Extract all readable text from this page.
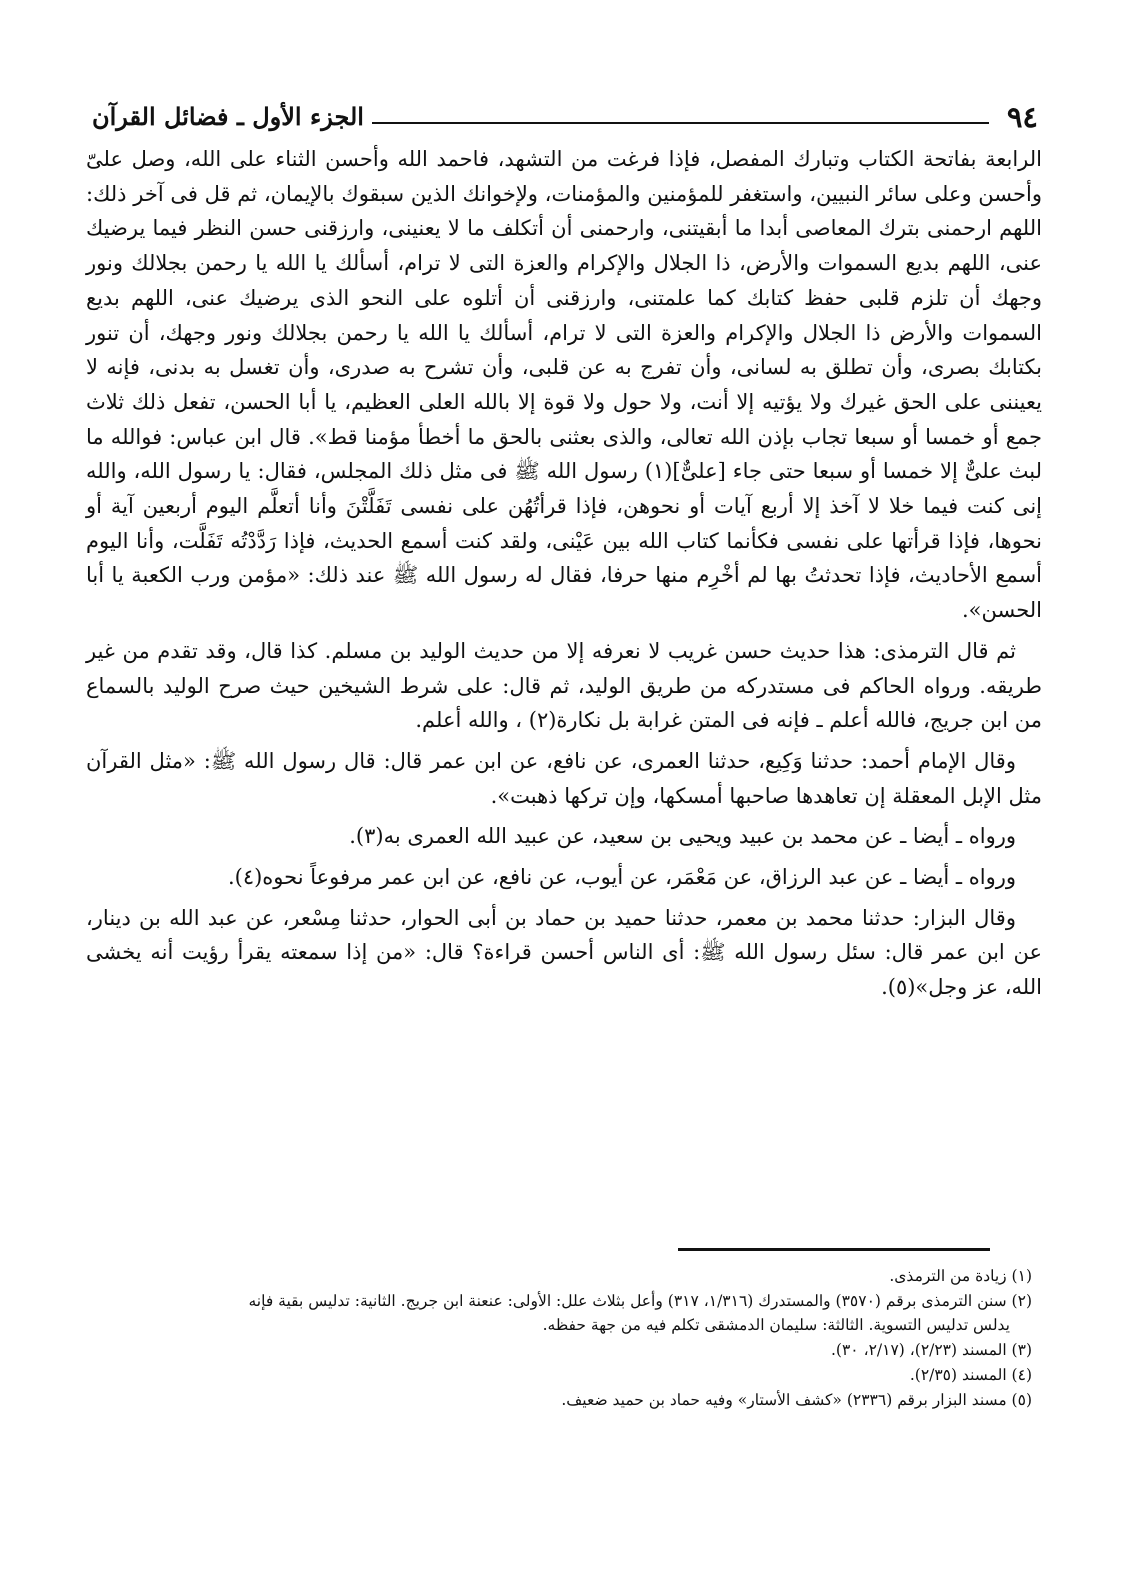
٩٤
الجزء الأول ـ فضائل القرآن

الرابعة بفاتحة الكتاب وتبارك المفصل، فإذا فرغت من التشهد، فاحمد الله وأحسن الثناء على الله، وصل علىّ وأحسن وعلى سائر النبيين، واستغفر للمؤمنين والمؤمنات، ولإخوانك الذين سبقوك بالإيمان، ثم قل فى آخر ذلك: اللهم ارحمنى بترك المعاصى أبدا ما أبقيتنى، وارحمنى أن أتكلف ما لا يعنينى، وارزقنى حسن النظر فيما يرضيك عنى، اللهم بديع السموات والأرض، ذا الجلال والإكرام والعزة التى لا ترام، أسألك يا الله يا رحمن بجلالك ونور وجهك أن تلزم قلبى حفظ كتابك كما علمتنى، وارزقنى أن أتلوه على النحو الذى يرضيك عنى، اللهم بديع السموات والأرض ذا الجلال والإكرام والعزة التى لا ترام، أسألك يا الله يا رحمن بجلالك ونور وجهك، أن تنور بكتابك بصرى، وأن تطلق به لسانى، وأن تفرج به عن قلبى، وأن تشرح به صدرى، وأن تغسل به بدنى، فإنه لا يعيننى على الحق غيرك ولا يؤتيه إلا أنت، ولا حول ولا قوة إلا بالله العلى العظيم، يا أبا الحسن، تفعل ذلك ثلاث جمع أو خمسا أو سبعا تجاب بإذن الله تعالى، والذى بعثنى بالحق ما أخطأ مؤمنا قط». قال ابن عباس: فوالله ما لبث علىٌّ إلا خمسا أو سبعا حتى جاء [علىٌّ](١) رسول الله ﷺ فى مثل ذلك المجلس، فقال: يا رسول الله، والله إنى كنت فيما خلا لا آخذ إلا أربع آيات أو نحوهن، فإذا قرأتُهُن على نفسى تَفَلَّتْنَ وأنا أتعلَّم اليوم أربعين آية أو نحوها، فإذا قرأتها على نفسى فكأنما كتاب الله بين عَيْنى، ولقد كنت أسمع الحديث، فإذا رَدَّدْتُه تَفَلَّت، وأنا اليوم أسمع الأحاديث، فإذا تحدثتُ بها لم أخْرِم منها حرفا، فقال له رسول الله ﷺ عند ذلك: «مؤمن ورب الكعبة يا أبا الحسن».

ثم قال الترمذى: هذا حديث حسن غريب لا نعرفه إلا من حديث الوليد بن مسلم. كذا قال، وقد تقدم من غير طريقه. ورواه الحاكم فى مستدركه من طريق الوليد، ثم قال: على شرط الشيخين حيث صرح الوليد بالسماع من ابن جريج، فالله أعلم ـ فإنه فى المتن غرابة بل نكارة(٢) ، والله أعلم.

وقال الإمام أحمد: حدثنا وَكِيع، حدثنا العمرى، عن نافع، عن ابن عمر قال: قال رسول الله ﷺ: «مثل القرآن مثل الإبل المعقلة إن تعاهدها صاحبها أمسكها، وإن تركها ذهبت».

ورواه ـ أيضا ـ عن محمد بن عبيد ويحيى بن سعيد، عن عبيد الله العمرى به(٣).

ورواه ـ أيضا ـ عن عبد الرزاق، عن مَعْمَر، عن أيوب، عن نافع، عن ابن عمر مرفوعاً نحوه(٤).

وقال البزار: حدثنا محمد بن معمر، حدثنا حميد بن حماد بن أبى الحوار، حدثنا مِسْعر، عن عبد الله بن دينار، عن ابن عمر قال: سئل رسول الله ﷺ: أى الناس أحسن قراءة؟ قال: «من إذا سمعته يقرأ رؤيت أنه يخشى الله، عز وجل»(٥).

(١) زيادة من الترمذى.

(٢) سنن الترمذى برقم (٣٥٧٠) والمستدرك (١/٣١٦، ٣١٧) وأعل بثلاث علل: الأولى: عنعنة ابن جريج. الثانية: تدليس بقية فإنه

يدلس تدليس التسوية. الثالثة: سليمان الدمشقى تكلم فيه من جهة حفظه.

(٣) المسند (٢/٢٣)، (٢/١٧، ٣٠).

(٤) المسند (٢/٣٥).

(٥) مسند البزار برقم (٢٣٣٦) «كشف الأستار» وفيه حماد بن حميد ضعيف.
